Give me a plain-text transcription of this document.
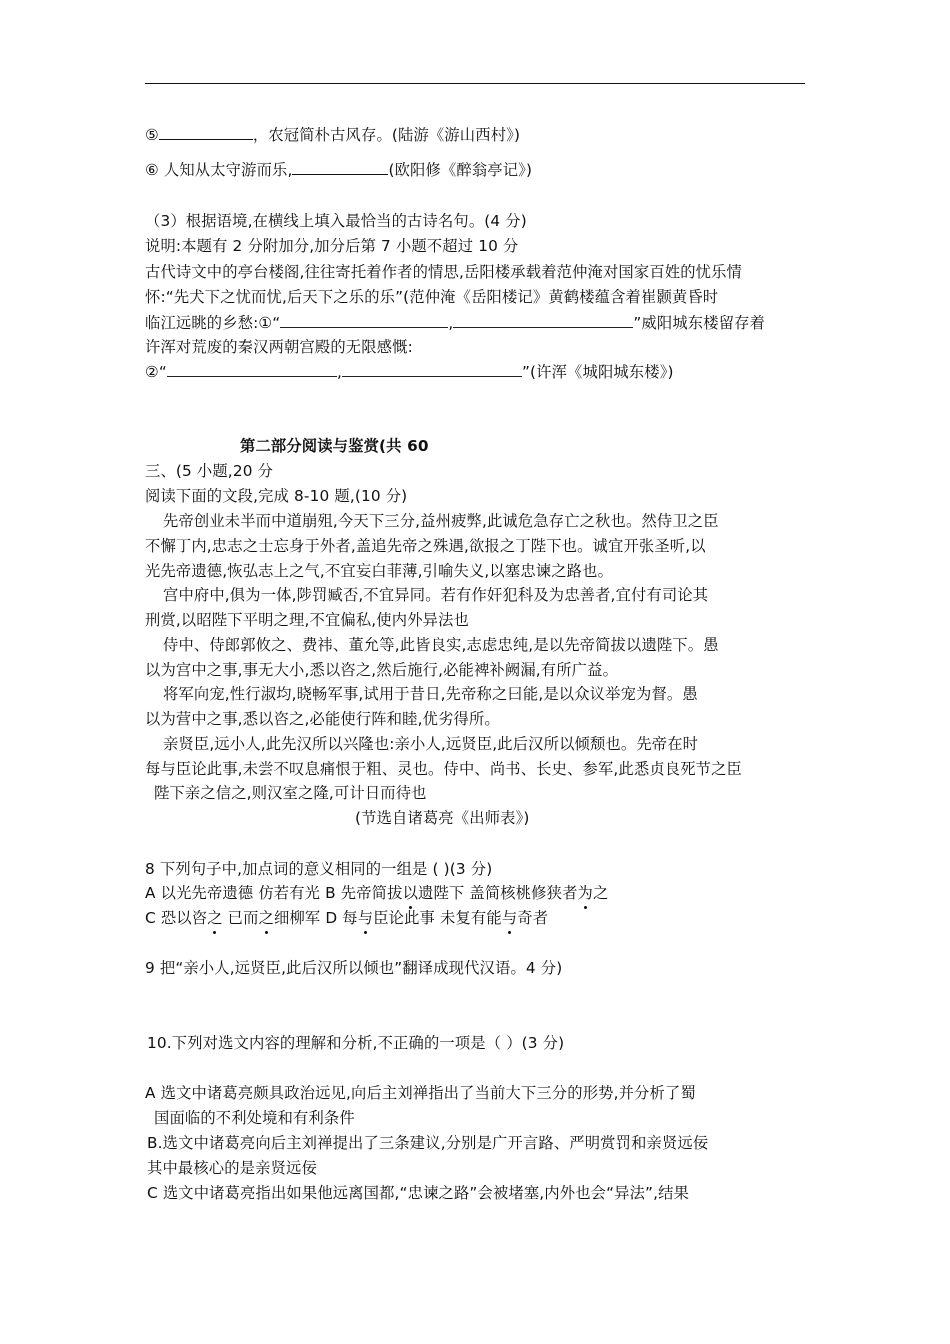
⑤	，农冠简朴古风存。(陆游《游山西村》)
⑥ 人知从太守游而乐,	(欧阳修《醉翁亭记》)
（3）根据语境,在横线上填入最恰当的古诗名句。(4 分)
说明:本题有 2 分附加分,加分后第 7 小题不超过 10 分
古代诗文中的亭台楼阁,往往寄托着作者的情思,岳阳楼承载着范仲淹对国家百姓的忧乐情
怀:“先犬下之忧而忧,后天下之乐的乐”(范仲淹《岳阳楼记》黄鹤楼蕴含着崔颢黄昏时
临江远眺的乡愁:①“	,	”威阳城东楼留存着
许浑对荒废的秦汉两朝宫殿的无限感慨:
②“	,	”(许浑《城阳城东楼》)
第二部分阅读与鉴赏(共 60
三、(5 小题,20 分
阅读下面的文段,完成 8-10 题,(10 分)
先帝创业未半而中道崩殂,今天下三分,益州疲弊,此诚危急存亡之秋也。然侍卫之臣
不懈丁内,忠志之士忘身于外者,盖追先帝之殊遇,欲报之丁陛下也。诚宜开张圣听,以
光先帝遗德,恢弘志上之气,不宜妄白菲薄,引喻失义,以塞忠谏之路也。
宫中府中,俱为一体,陟罚臧否,不宜异同。若有作奸犯科及为忠善者,宜付有司论其
刑赏,以昭陛下平明之理,不宜偏私,使内外异法也
侍中、侍郎郭攸之、费祎、董允等,此皆良实,志虑忠纯,是以先帝简拔以遗陛下。愚
以为宫中之事,事无大小,悉以咨之,然后施行,必能裨补阙漏,有所广益。
将军向宠,性行淑均,晓畅军事,试用于昔日,先帝称之曰能,是以众议举宠为督。愚
以为营中之事,悉以咨之,必能使行阵和睦,优劣得所。
亲贤臣,远小人,此先汉所以兴隆也:亲小人,远贤臣,此后汉所以倾颓也。先帝在时
每与臣论此事,未尝不叹息痛恨于粗、灵也。侍中、尚书、长史、参军,此悉贞良死节之臣
陛下亲之信之,则汉室之隆,可计日而待也
(节选自诸葛亮《出师表》)
8 下列句子中,加点词的意义相同的一组是 ( )(3 分)
A 以光先帝遗德 仿若有光 B 先帝简拔以遗陛下 盖简核桃修狭者为之
C 恐以咨之 已而之细柳军 D 每与臣论此事 未复有能与奇者
9 把“亲小人,远贤臣,此后汉所以倾也”翻译成现代汉语。4 分)
10.下列对选文内容的理解和分析,不正确的一项是（ ）(3 分)
A 选文中诸葛亮颇具政治远见,向后主刘禅指出了当前大下三分的形势,并分析了蜀
国面临的不利处境和有利条件
B.选文中诸葛亮向后主刘禅提出了三条建议,分别是广开言路、严明赏罚和亲贤远佞
其中最核心的是亲贤远佞
C 选文中诸葛亮指出如果他远离国都,“忠谏之路”会被堵塞,内外也会“异法”,结果
